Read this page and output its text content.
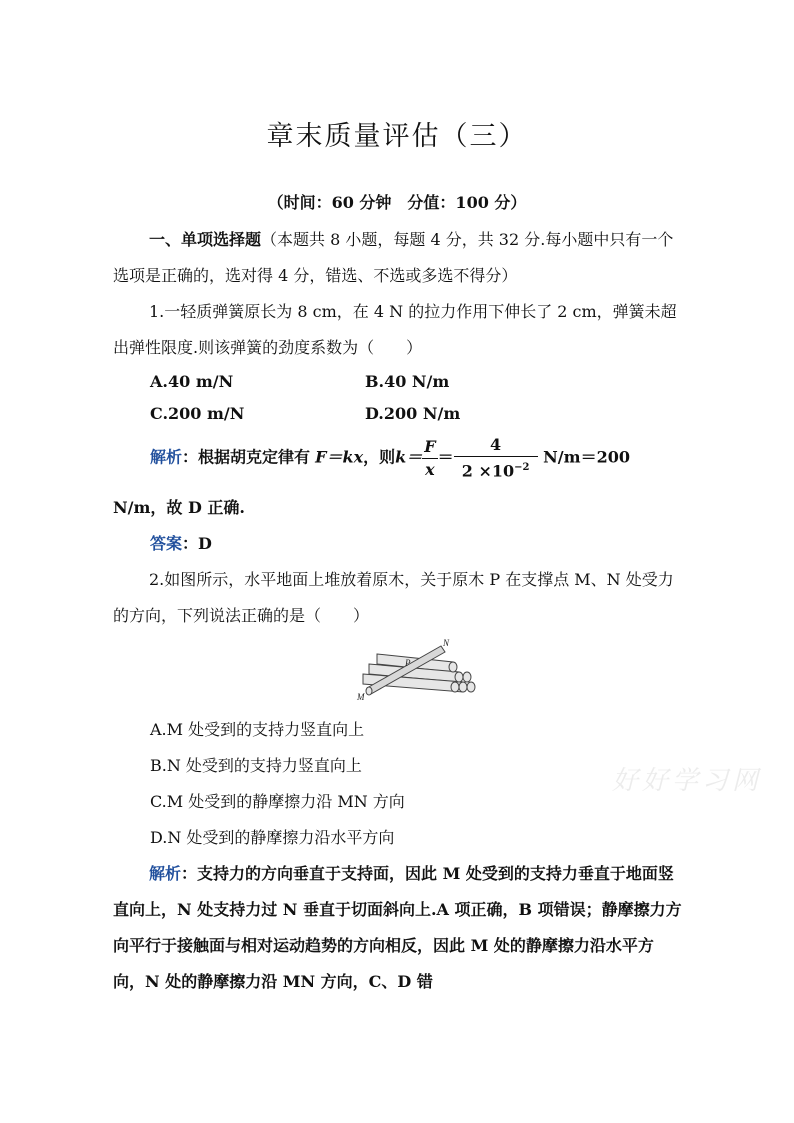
章末质量评估（三）
（时间：60 分钟　分值：100 分）
一、单项选择题（本题共 8 小题，每题 4 分，共 32 分.每小题中只有一个选项是正确的，选对得 4 分，错选、不选或多选不得分）
1.一轻质弹簧原长为 8 cm，在 4 N 的拉力作用下伸长了 2 cm，弹簧未超出弹性限度.则该弹簧的劲度系数为（　　）
A.40 m/N	B.40 N/m
C.200 m/N	D.200 N/m
解析：根据胡克定律有 F＝kx，则$k= \frac{F}{x} = \frac{4}{2 \times 10^{-2}} N/m=200$
N/m，故 D 正确.
答案：D
2.如图所示，水平地面上堆放着原木，关于原木 P 在支撑点 M、N 处受力的方向，下列说法正确的是（　　）
N
P
M
A.M 处受到的支持力竖直向上
B.N 处受到的支持力竖直向上
C.M 处受到的静摩擦力沿 MN 方向
D.N 处受到的静摩擦力沿水平方向
解析：支持力的方向垂直于支持面，因此 M 处受到的支持力垂直于地面竖直向上，N 处支持力过 N 垂直于切面斜向上.A 项正确，B 项错误；静摩擦力方向平行于接触面与相对运动趋势的方向相反，因此 M 处的静摩擦力沿水平方向，N 处的静摩擦力沿 MN 方向，C、D 错
好好学习网
